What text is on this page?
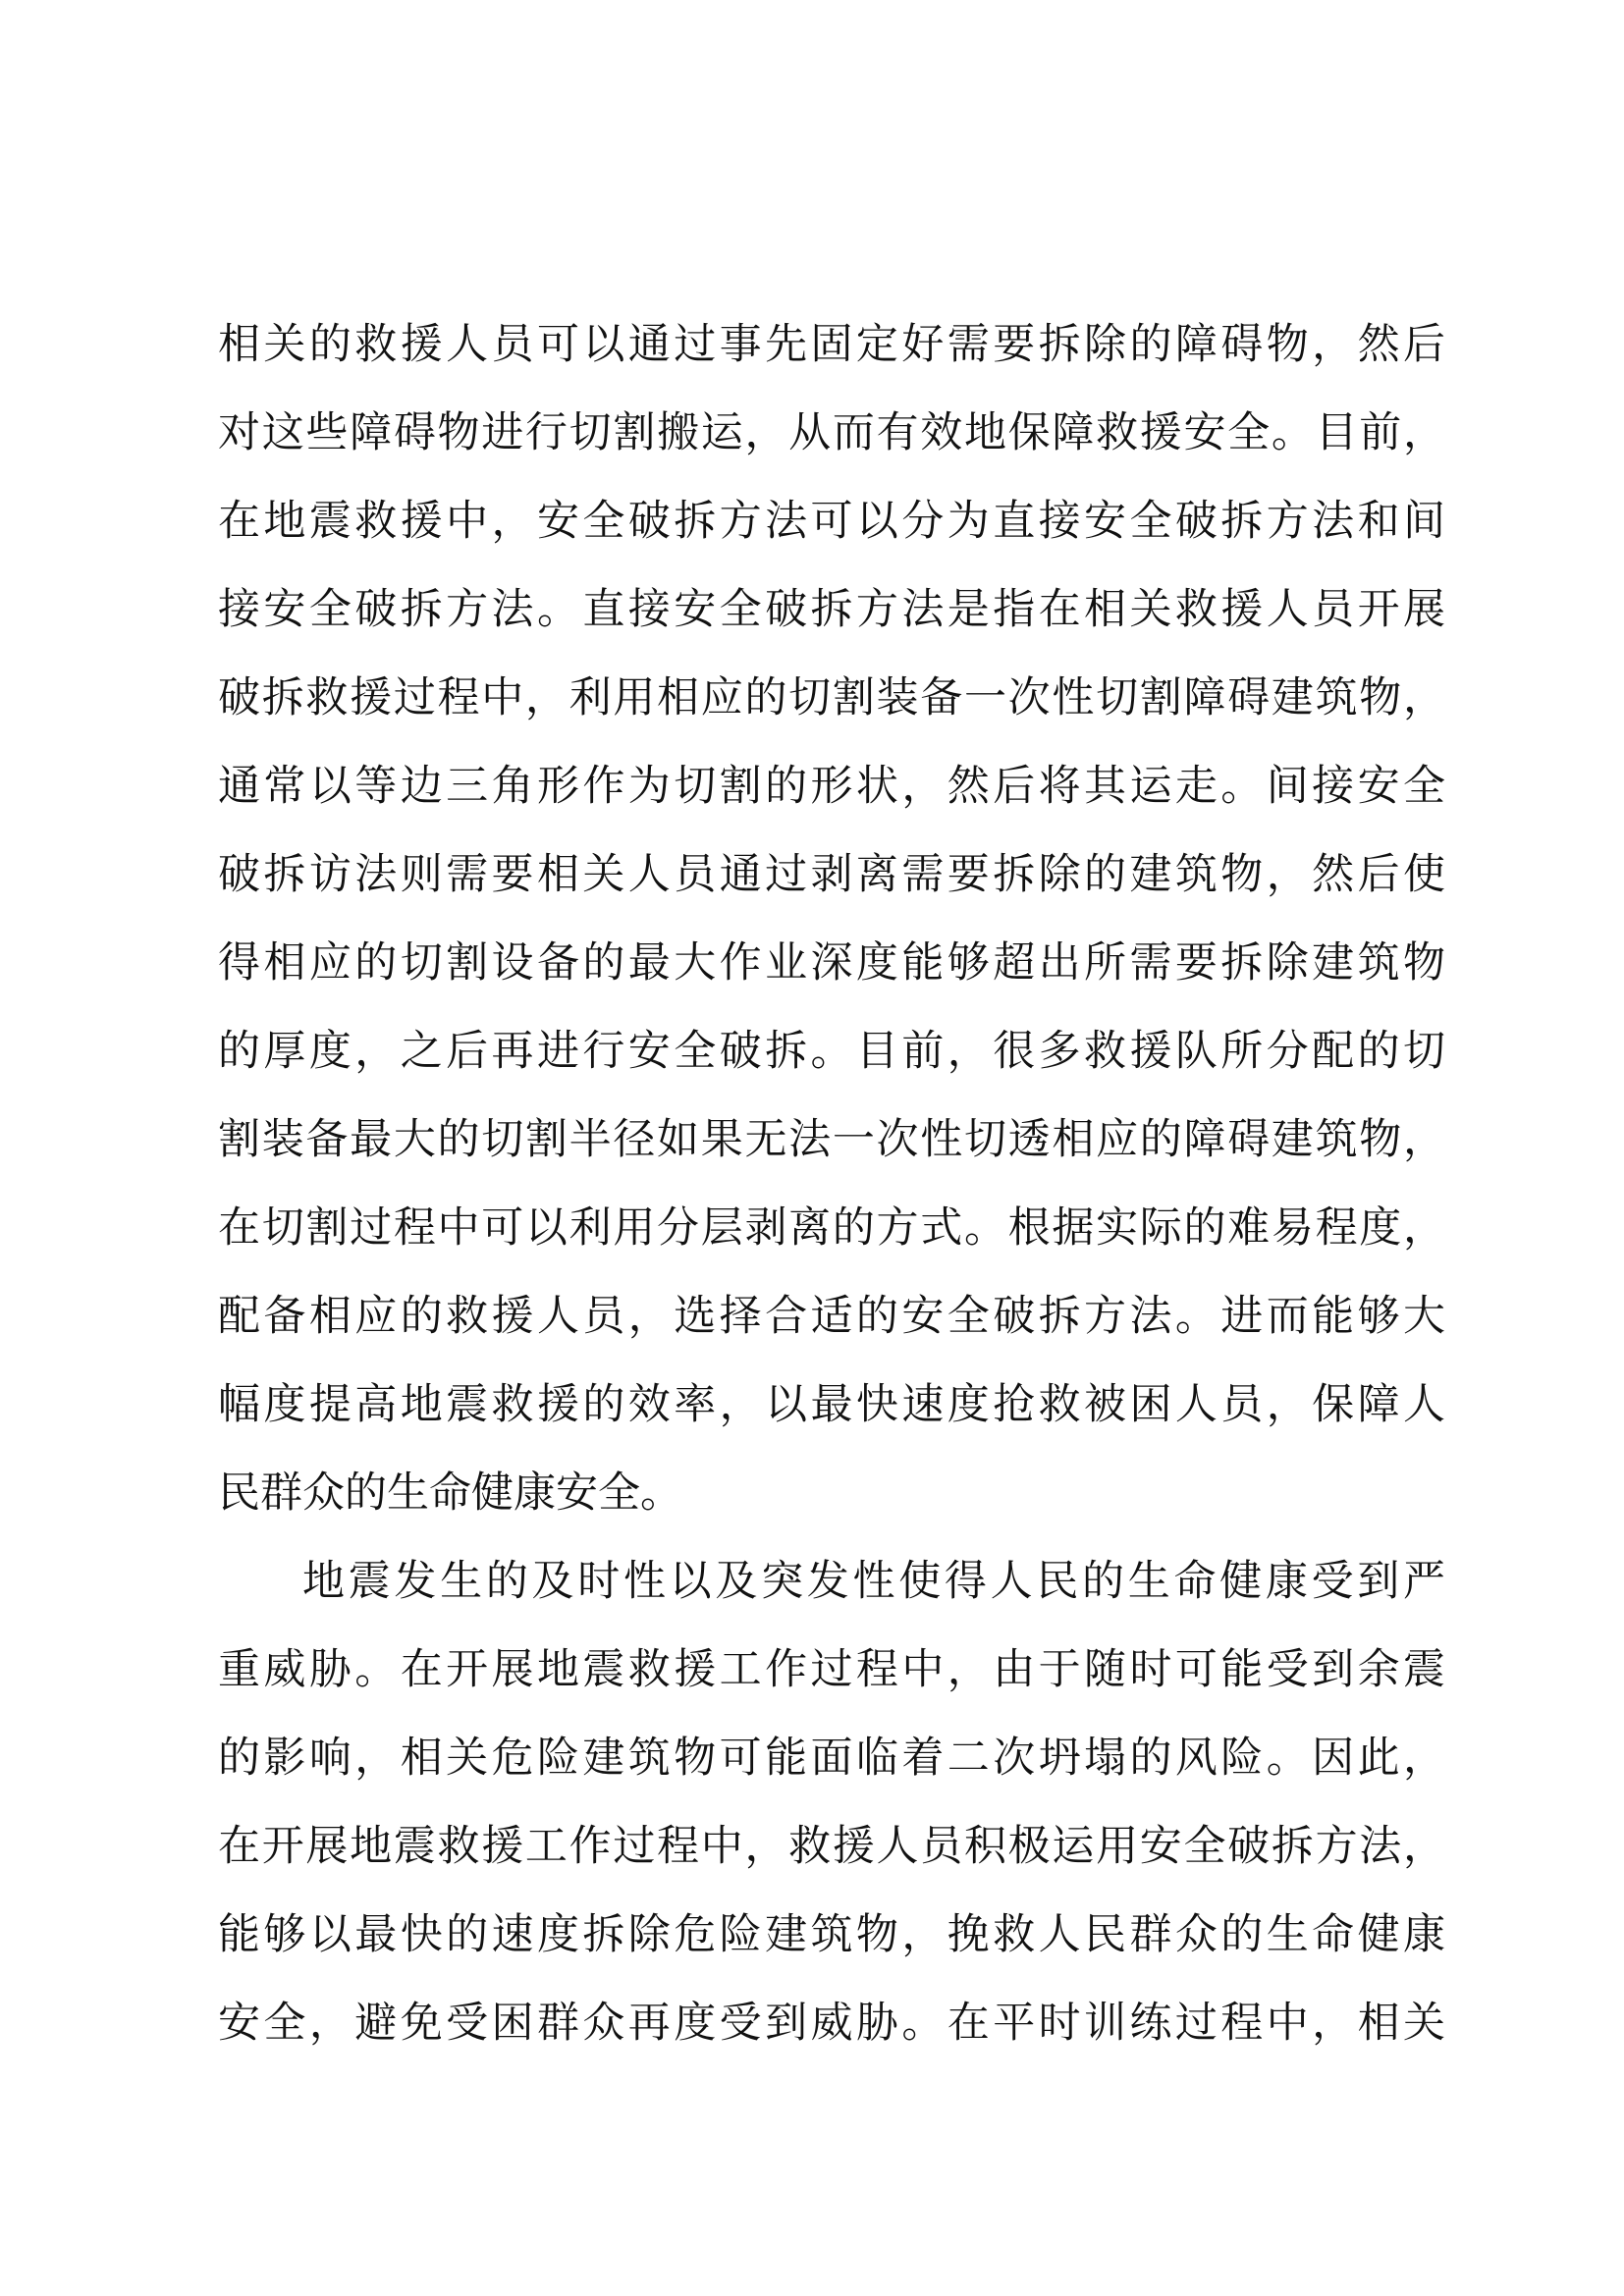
相关的救援人员可以通过事先固定好需要拆除的障碍物，然后
对这些障碍物进行切割搬运，从而有效地保障救援安全。目前，
在地震救援中，安全破拆方法可以分为直接安全破拆方法和间
接安全破拆方法。直接安全破拆方法是指在相关救援人员开展
破拆救援过程中，利用相应的切割装备一次性切割障碍建筑物，
通常以等边三角形作为切割的形状，然后将其运走。间接安全
破拆访法则需要相关人员通过剥离需要拆除的建筑物，然后使
得相应的切割设备的最大作业深度能够超出所需要拆除建筑物
的厚度，之后再进行安全破拆。目前，很多救援队所分配的切
割装备最大的切割半径如果无法一次性切透相应的障碍建筑物，
在切割过程中可以利用分层剥离的方式。根据实际的难易程度，
配备相应的救援人员，选择合适的安全破拆方法。进而能够大
幅度提高地震救援的效率，以最快速度抢救被困人员，保障人
民群众的生命健康安全。
地震发生的及时性以及突发性使得人民的生命健康受到严
重威胁。在开展地震救援工作过程中，由于随时可能受到余震
的影响，相关危险建筑物可能面临着二次坍塌的风险。因此，
在开展地震救援工作过程中，救援人员积极运用安全破拆方法，
能够以最快的速度拆除危险建筑物，挽救人民群众的生命健康
安全，避免受困群众再度受到威胁。在平时训练过程中，相关
